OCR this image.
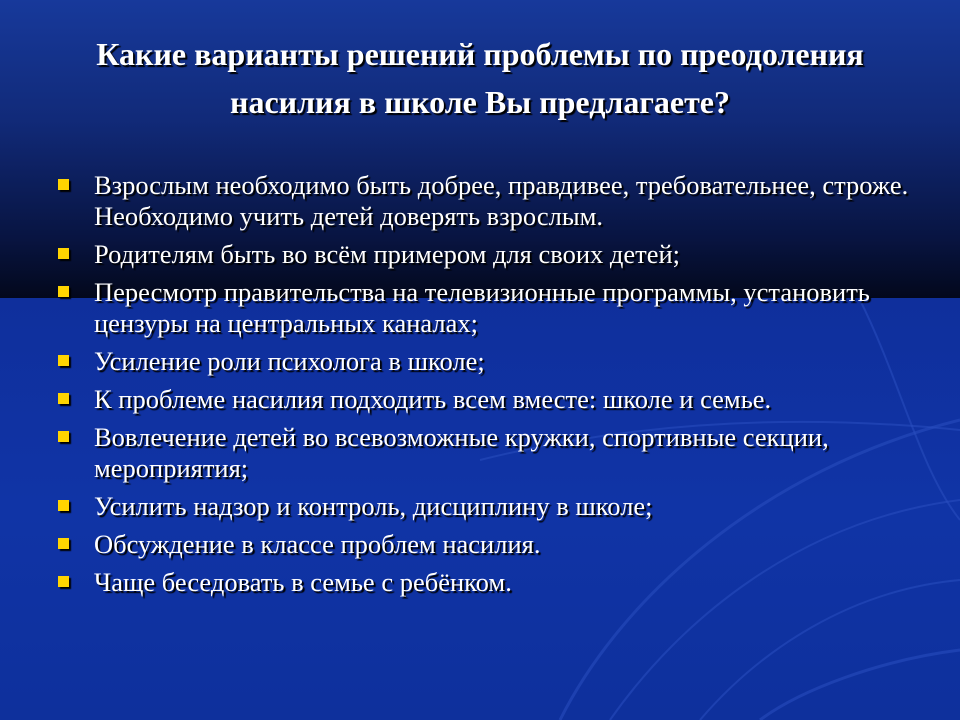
Какие варианты решений проблемы по преодоления насилия в школе Вы предлагаете?
Взрослым необходимо быть добрее, правдивее, требовательнее, строже. Необходимо учить детей доверять взрослым.
Родителям быть во всём примером для своих детей;
Пересмотр правительства на телевизионные программы, установить цензуры на центральных каналах;
Усиление роли психолога в школе;
К проблеме насилия подходить всем вместе: школе и семье.
Вовлечение детей во всевозможные кружки, спортивные секции, мероприятия;
Усилить надзор и контроль, дисциплину в школе;
Обсуждение в классе проблем насилия.
Чаще беседовать в семье с ребёнком.
